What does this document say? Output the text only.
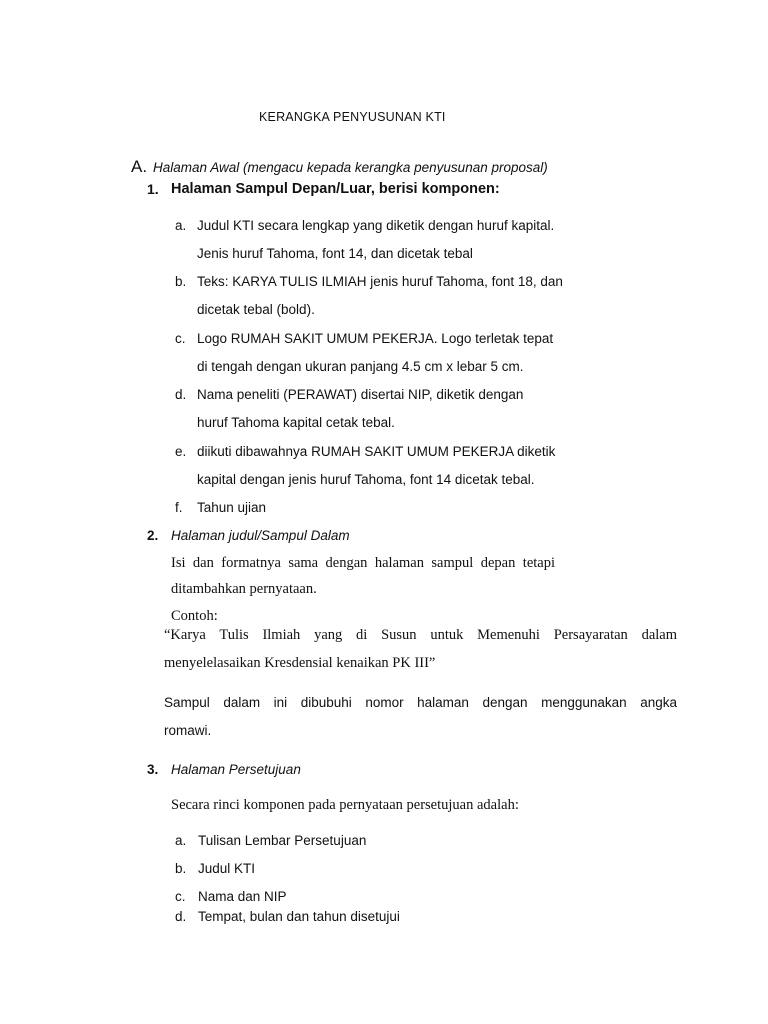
KERANGKA PENYUSUNAN KTI
A. Halaman Awal (mengacu kepada kerangka penyusunan proposal)
1. Halaman Sampul Depan/Luar, berisi komponen:
a. Judul KTI secara lengkap yang diketik dengan huruf kapital.
Jenis huruf Tahoma, font 14, dan dicetak tebal
b. Teks: KARYA TULIS ILMIAH jenis huruf Tahoma, font 18, dan
dicetak tebal (bold).
c. Logo RUMAH SAKIT UMUM PEKERJA. Logo terletak tepat
di tengah dengan ukuran panjang 4.5 cm x lebar 5 cm.
d. Nama peneliti (PERAWAT) disertai NIP, diketik dengan
huruf Tahoma kapital cetak tebal.
e. diikuti dibawahnya RUMAH SAKIT UMUM PEKERJA diketik
kapital dengan jenis huruf Tahoma, font 14 dicetak tebal.
f. Tahun ujian
2. Halaman judul/Sampul Dalam
Isi dan formatnya sama dengan halaman sampul depan tetapi
ditambahkan pernyataan.
Contoh:
“Karya Tulis Ilmiah yang di Susun untuk Memenuhi Persayaratan dalam
menyelelasaikan Kresdensial kenaikan PK III”
Sampul dalam ini dibubuhi nomor halaman dengan menggunakan angka
romawi.
3. Halaman Persetujuan
Secara rinci komponen pada pernyataan persetujuan adalah:
a. Tulisan Lembar Persetujuan
b. Judul KTI
c. Nama dan NIP
d. Tempat, bulan dan tahun disetujui
